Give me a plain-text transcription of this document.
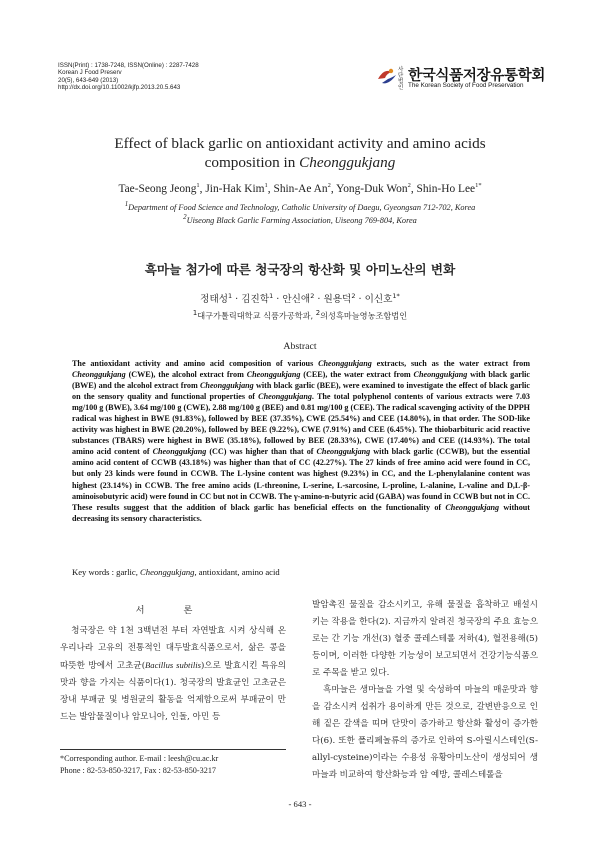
ISSN(Print) : 1738-7248, ISSN(Online) : 2287-7428
Korean J Food Preserv
20(5), 643-649 (2013)
http://dx.doi.org/10.11002/kjfp.2013.20.5.643
사단 법인
한국식품저장유통학회
The Korean Society of Food Preservation
Effect of black garlic on antioxidant activity and amino acids
composition in Cheonggukjang
Tae-Seong Jeong$^1$, Jin-Hak Kim$^1$, Shin-Ae An$^2$, Yong-Duk Won$^2$, Shin-Ho Lee$^{1*}$
$^1$Department of Food Science and Technology, Catholic University of Daegu, Gyeongsan 712-702, Korea
$^2$Uiseong Black Garlic Farming Association, Uiseong 769-804, Korea
흑마늘 첨가에 따른 청국장의 항산화 및 아미노산의 변화
정태성$^1$ · 김진학$^1$ · 안신애$^2$ · 원용덕$^2$ · 이신호$^{1*}$
$^1$대구가톨릭대학교 식품가공학과, $^2$의성흑마늘영농조합법인
Abstract
The antioxidant activity and amino acid composition of various Cheonggukjang extracts, such as the water extract from Cheonggukjang (CWE), the alcohol extract from Cheonggukjang (CEE), the water extract from Cheonggukjang with black garlic (BWE) and the alcohol extract from Cheonggukjang with black garlic (BEE), were examined to investigate the effect of black garlic on the sensory quality and functional properties of Cheonggukjang. The total polyphenol contents of various extracts were 7.03 mg/100 g (BWE), 3.64 mg/100 g (CWE), 2.88 mg/100 g (BEE) and 0.81 mg/100 g (CEE). The radical scavenging activity of the DPPH radical was highest in BWE (91.83%), followed by BEE (37.35%), CWE (25.54%) and CEE (14.80%), in that order. The SOD-like activity was highest in BWE (20.20%), followed by BEE (9.22%), CWE (7.91%) and CEE (6.45%). The thiobarbituric acid reactive substances (TBARS) were highest in BWE (35.18%), followed by BEE (28.33%), CWE (17.40%) and CEE ((14.93%). The total amino acid content of Cheonggukjang (CC) was higher than that of Cheonggukjang with black garlic (CCWB), but the essential amino acid content of CCWB (43.18%) was higher than that of CC (42.27%). The 27 kinds of free amino acid were found in CC, but only 23 kinds were found in CCWB. The L-lysine content was highest (9.23%) in CC, and the L-phenylalanine content was highest (23.14%) in CCWB. The free amino acids (L-threonine, L-serine, L-sarcosine, L-proline, L-alanine, L-valine and D,L-β-aminoisobutyric acid) were found in CC but not in CCWB. The γ-amino-n-butyric acid (GABA) was found in CCWB but not in CC. These results suggest that the addition of black garlic has beneficial effects on the functionality of Cheonggukjang without decreasing its sensory characteristics.
Key words : garlic, Cheonggukjang, antioxidant, amino acid
서 론
청국장은 약 1천 3백년전 부터 자연발효 시켜 상식해 온 우리나라 고유의 전통적인 대두발효식품으로서, 삶은 콩을 따뜻한 방에서 고초균(Bacillus subtilis)으로 발효시킨 특유의 맛과 향을 가지는 식품이다(1). 청국장의 발효균인 고초균은 장내 부패균 및 병원균의 활동을 억제함으로써 부패균이 만드는 발암물질이나 암모니아, 인돌, 아민 등
발암촉진 물질을 감소시키고, 유해 물질을 흡착하고 배설시키는 작용을 한다(2). 지금까지 알려진 청국장의 주요 효능으로는 간 기능 개선(3) 혈중 콜레스테롤 저하(4), 혈전용해(5) 등이며, 이러한 다양한 기능성이 보고되면서 건강기능식품으로 주목을 받고 있다.
흑마늘은 생마늘을 가열 및 숙성하여 마늘의 매운맛과 향을 감소시켜 섭취가 용이하게 만든 것으로, 갈변반응으로 인해 짙은 갈색을 띠며 단맛이 증가하고 항산화 활성이 증가한다(6). 또한 폴리페놀류의 증가로 인하여 S-아릴시스테인(S-allyl-cysteine)이라는 수용성 유황아미노산이 생성되어 생마늘과 비교하여 항산화능과 암 예방, 콜레스테롤을
*Corresponding author. E-mail : leesh@cu.ac.kr
Phone : 82-53-850-3217, Fax : 82-53-850-3217
- 643 -
